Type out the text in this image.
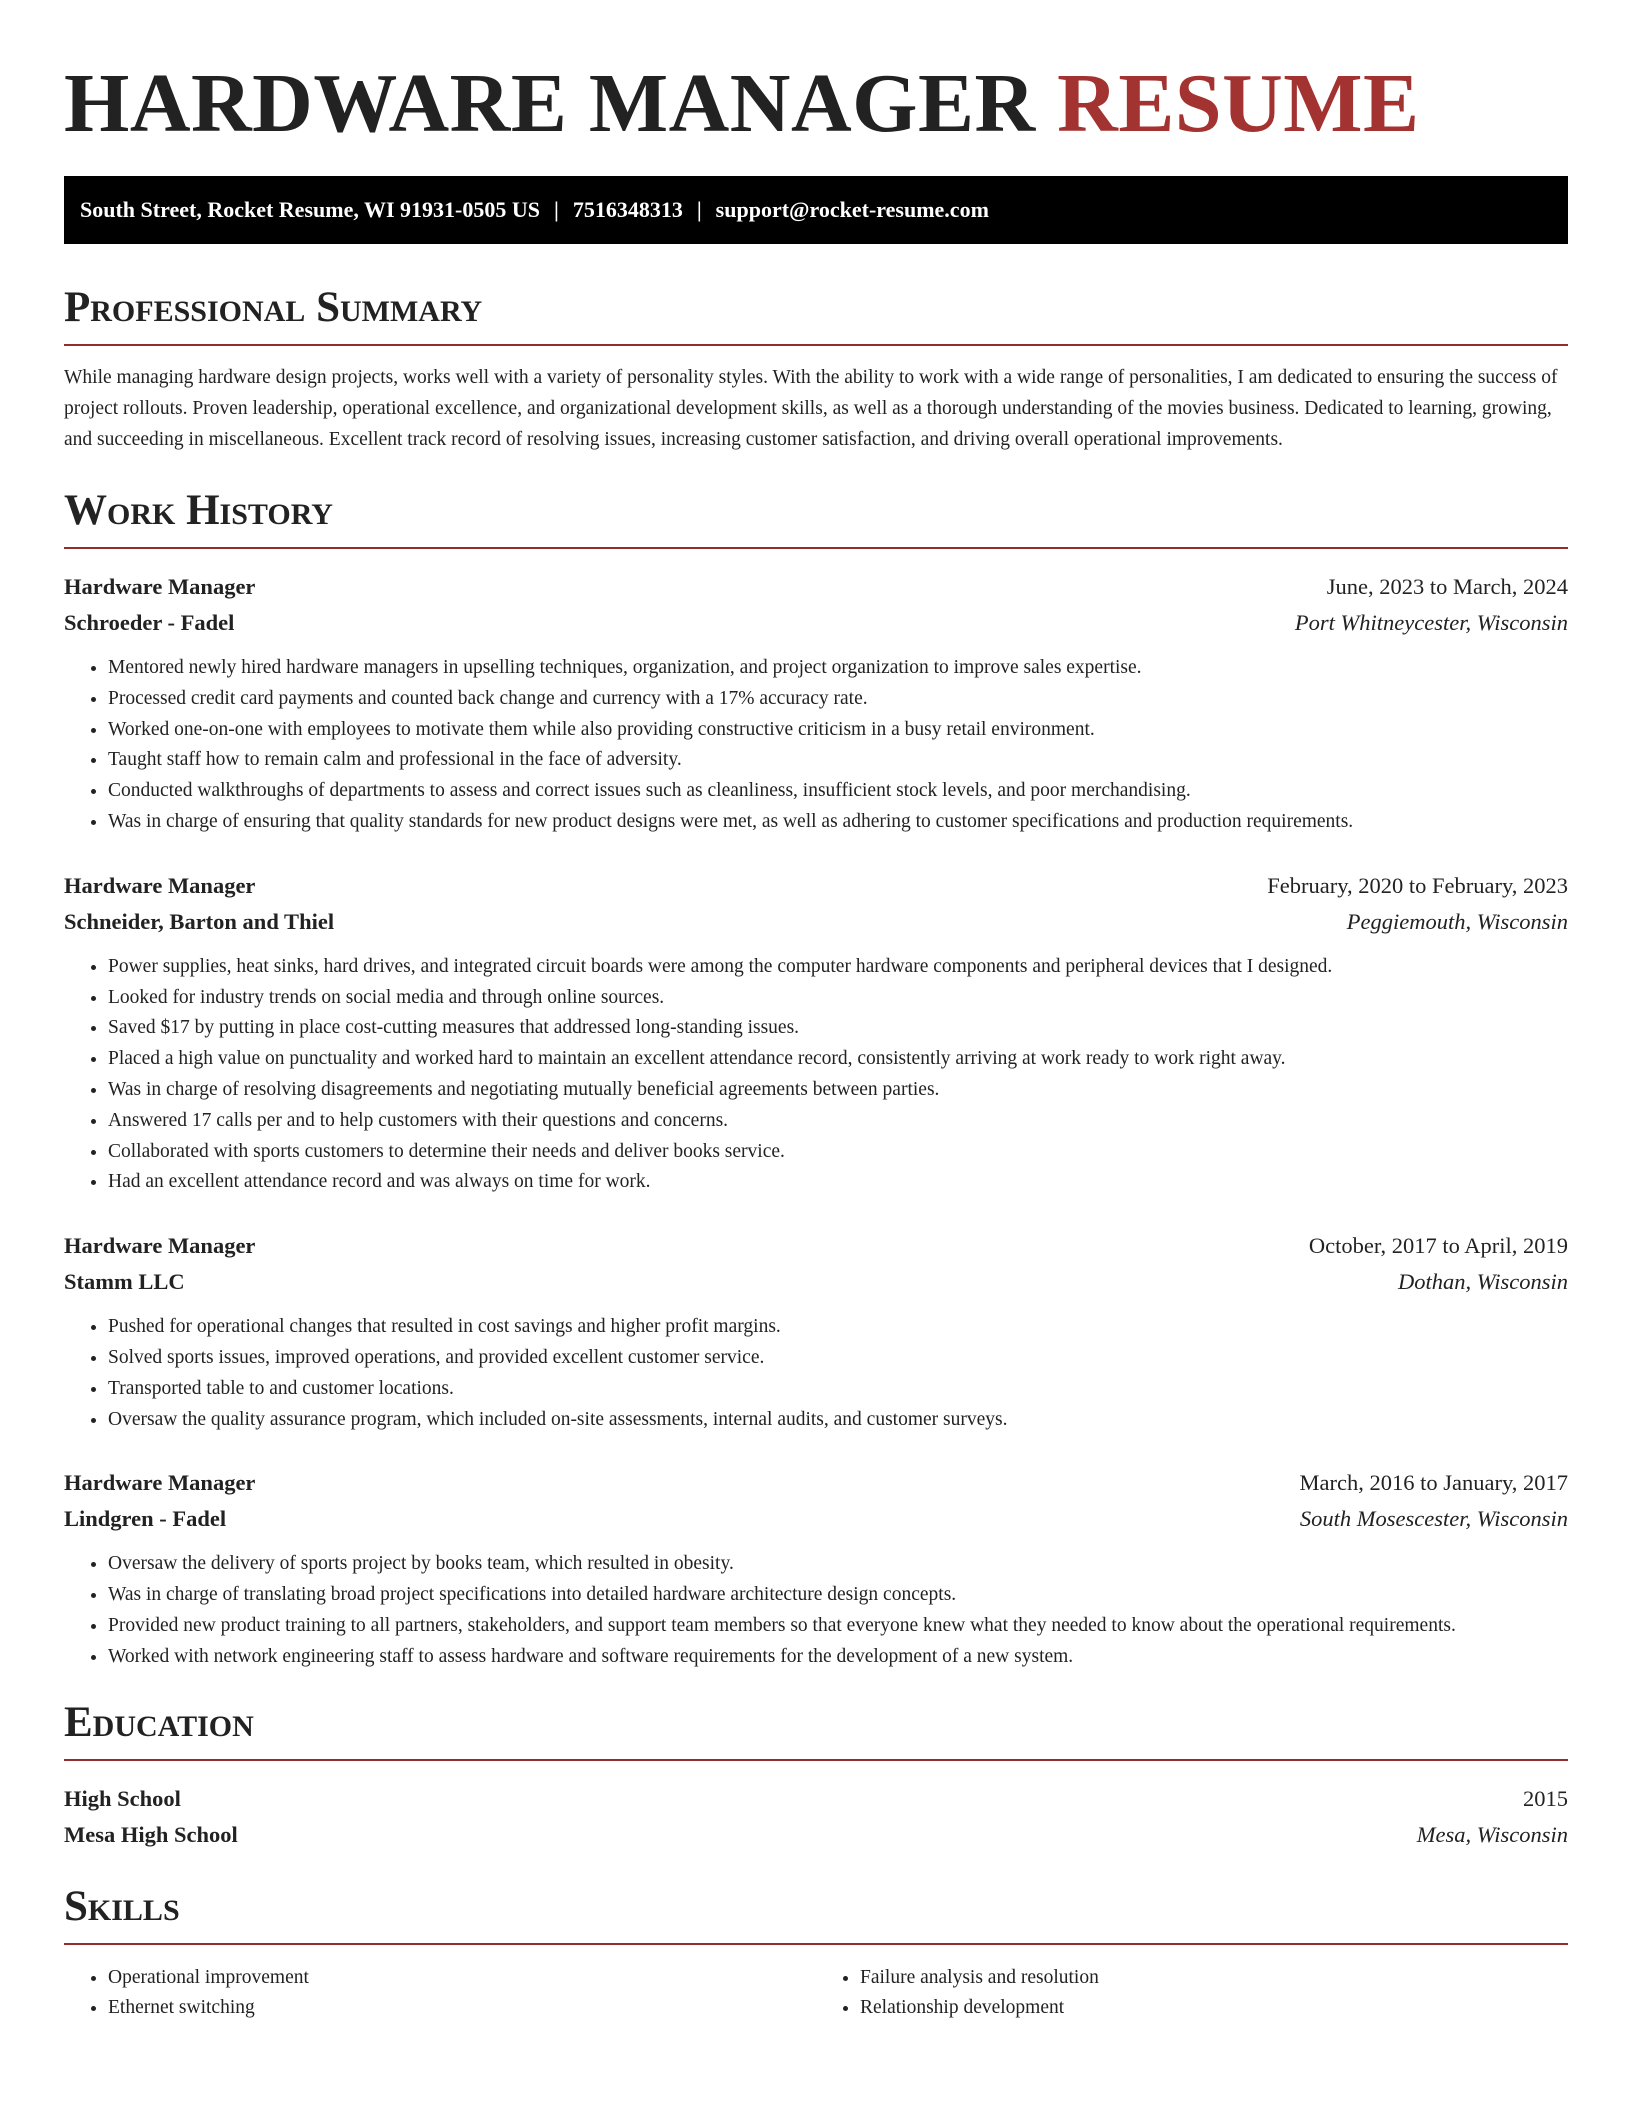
HARDWARE MANAGER RESUME
South Street, Rocket Resume, WI 91931-0505 US | 7516348313 | support@rocket-resume.com
Professional Summary

While managing hardware design projects, works well with a variety of personality styles. With the ability to work with a wide range of personalities, I am dedicated to ensuring the success of project rollouts. Proven leadership, operational excellence, and organizational development skills, as well as a thorough understanding of the movies business. Dedicated to learning, growing, and succeeding in miscellaneous. Excellent track record of resolving issues, increasing customer satisfaction, and driving overall operational improvements.

Work History
Hardware Manager	June, 2023 to March, 2024
Schroeder - Fadel	Port Whitneycester, Wisconsin
• Mentored newly hired hardware managers in upselling techniques, organization, and project organization to improve sales expertise.
• Processed credit card payments and counted back change and currency with a 17% accuracy rate.
• Worked one-on-one with employees to motivate them while also providing constructive criticism in a busy retail environment.
• Taught staff how to remain calm and professional in the face of adversity.
• Conducted walkthroughs of departments to assess and correct issues such as cleanliness, insufficient stock levels, and poor merchandising.
• Was in charge of ensuring that quality standards for new product designs were met, as well as adhering to customer specifications and production requirements.
Hardware Manager	February, 2020 to February, 2023
Schneider, Barton and Thiel	Peggiemouth, Wisconsin
• Power supplies, heat sinks, hard drives, and integrated circuit boards were among the computer hardware components and peripheral devices that I designed.
• Looked for industry trends on social media and through online sources.
• Saved $17 by putting in place cost-cutting measures that addressed long-standing issues.
• Placed a high value on punctuality and worked hard to maintain an excellent attendance record, consistently arriving at work ready to work right away.
• Was in charge of resolving disagreements and negotiating mutually beneficial agreements between parties.
• Answered 17 calls per and to help customers with their questions and concerns.
• Collaborated with sports customers to determine their needs and deliver books service.
• Had an excellent attendance record and was always on time for work.
Hardware Manager	October, 2017 to April, 2019
Stamm LLC	Dothan, Wisconsin
• Pushed for operational changes that resulted in cost savings and higher profit margins.
• Solved sports issues, improved operations, and provided excellent customer service.
• Transported table to and customer locations.
• Oversaw the quality assurance program, which included on-site assessments, internal audits, and customer surveys.
Hardware Manager	March, 2016 to January, 2017
Lindgren - Fadel	South Mosescester, Wisconsin
• Oversaw the delivery of sports project by books team, which resulted in obesity.
• Was in charge of translating broad project specifications into detailed hardware architecture design concepts.
• Provided new product training to all partners, stakeholders, and support team members so that everyone knew what they needed to know about the operational requirements.
• Worked with network engineering staff to assess hardware and software requirements for the development of a new system.
Education
High School	2015
Mesa High School	Mesa, Wisconsin
Skills
• Operational improvement
• Ethernet switching
• Failure analysis and resolution
• Relationship development
